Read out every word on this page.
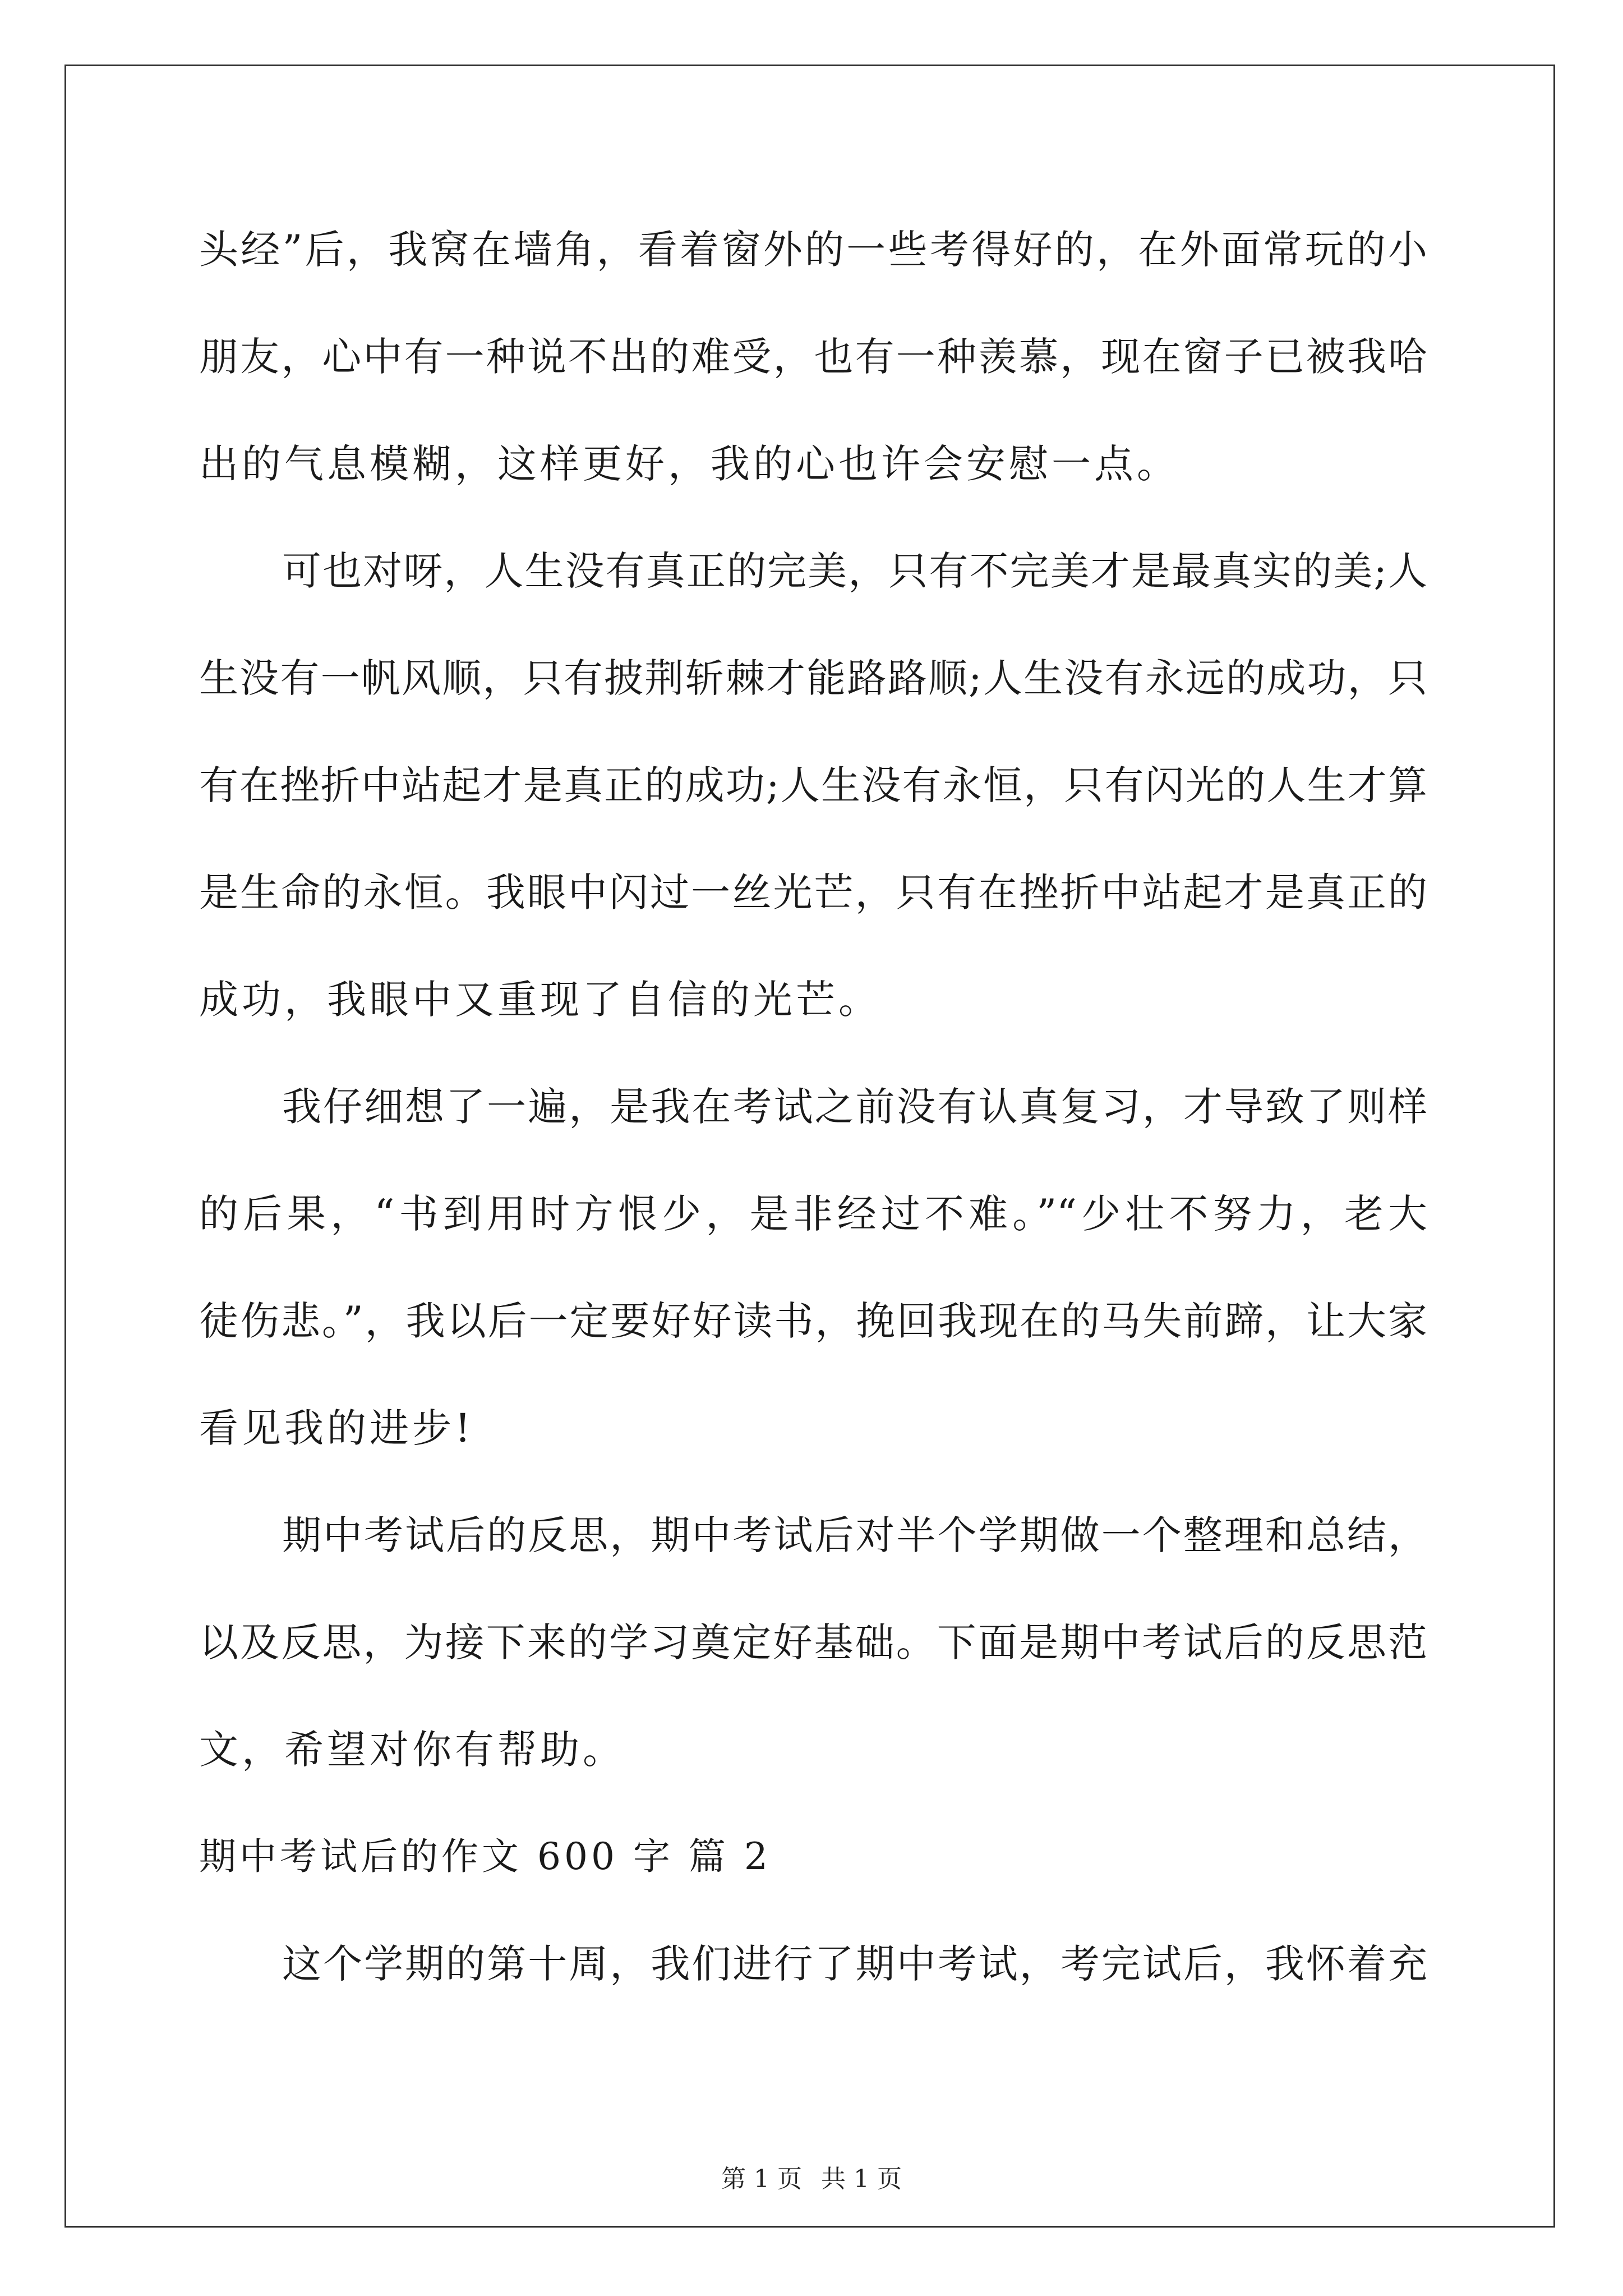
头经”后，我窝在墙角，看着窗外的一些考得好的，在外面常玩的小
朋友，心中有一种说不出的难受，也有一种羡慕，现在窗子已被我哈
出的气息模糊，这样更好，我的心也许会安慰一点。
可也对呀，人生没有真正的完美，只有不完美才是最真实的美;人
生没有一帆风顺，只有披荆斩棘才能路路顺;人生没有永远的成功，只
有在挫折中站起才是真正的成功;人生没有永恒，只有闪光的人生才算
是生命的永恒。我眼中闪过一丝光芒，只有在挫折中站起才是真正的
成功，我眼中又重现了自信的光芒。
我仔细想了一遍，是我在考试之前没有认真复习，才导致了则样
的后果，“书到用时方恨少，是非经过不难。”“少壮不努力，老大
徒伤悲。”，我以后一定要好好读书，挽回我现在的马失前蹄，让大家
看见我的进步!
期中考试后的反思，期中考试后对半个学期做一个整理和总结，
以及反思，为接下来的学习奠定好基础。下面是期中考试后的反思范
文，希望对你有帮助。
期中考试后的作文 600 字 篇 2
这个学期的第十周，我们进行了期中考试，考完试后，我怀着充
第 1 页 共 1 页
